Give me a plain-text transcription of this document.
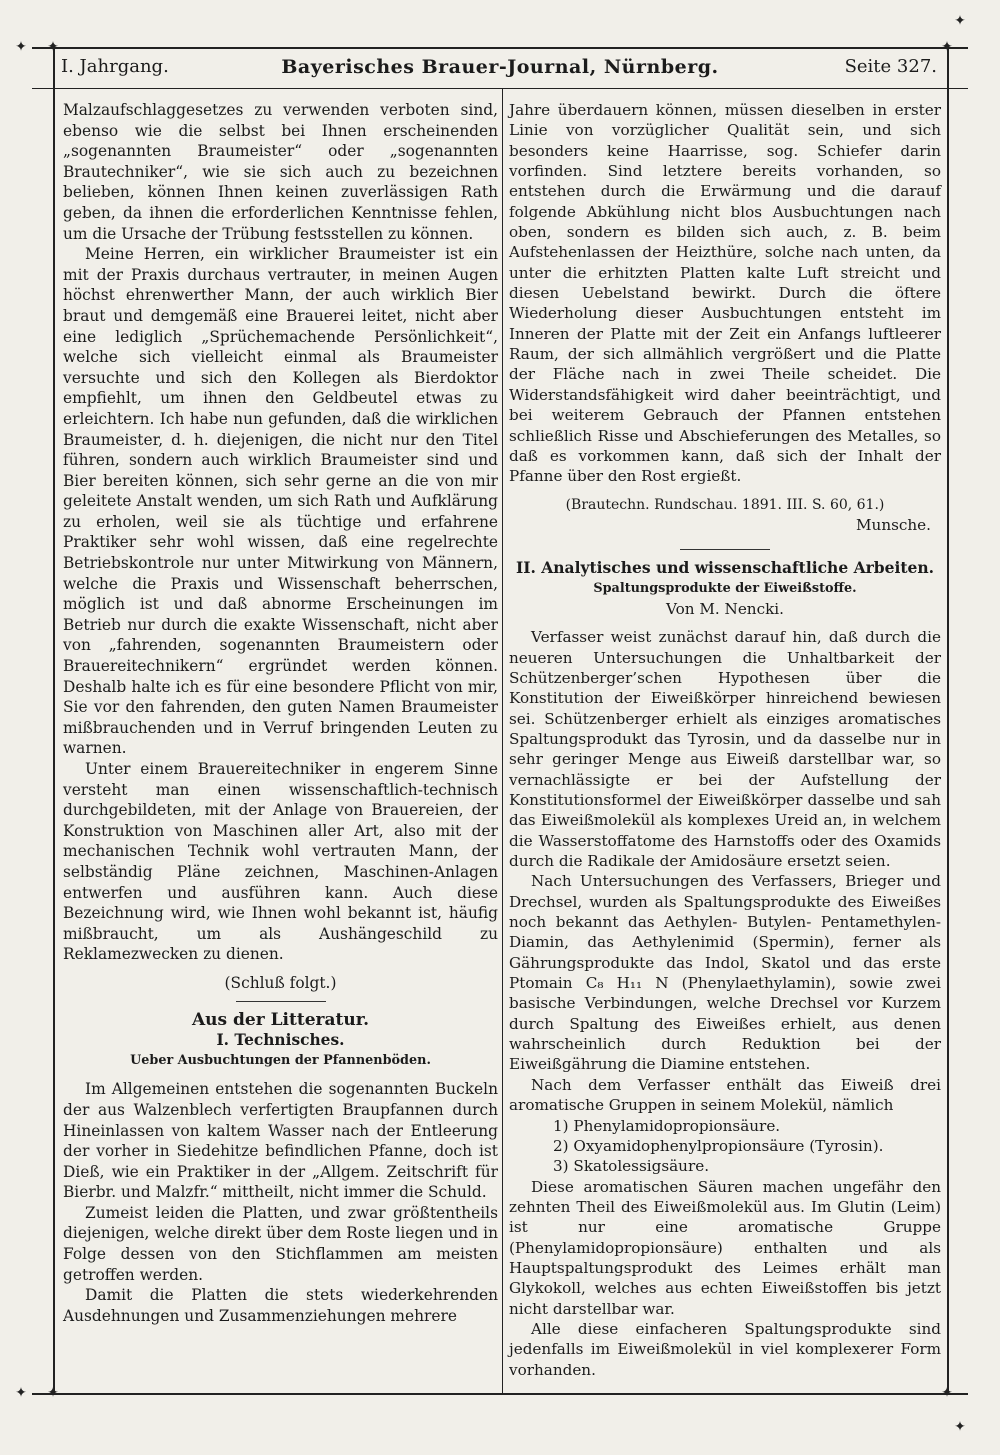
✦	✦
✦	✦
✦
✦
✦
✦
I. Jahrgang.	Bayerisches Brauer-Journal, Nürnberg.	Seite 327.

Malzaufschlaggesetzes zu verwenden verboten sind, ebenso wie die selbst bei Ihnen erscheinenden „sogenannten Braumeister“ oder „sogenannten Brautechniker“, wie sie sich auch zu bezeichnen belieben, können Ihnen keinen zuverlässigen Rath geben, da ihnen die erforderlichen Kenntnisse fehlen, um die Ursache der Trübung festsstellen zu können.

Meine Herren, ein wirklicher Braumeister ist ein mit der Praxis durchaus vertrauter, in meinen Augen höchst ehrenwerther Mann, der auch wirklich Bier braut und demgemäß eine Brauerei leitet, nicht aber eine lediglich „Sprüchemachende Persönlichkeit“, welche sich vielleicht einmal als Braumeister versuchte und sich den Kollegen als Bierdoktor empfiehlt, um ihnen den Geldbeutel etwas zu erleichtern. Ich habe nun gefunden, daß die wirklichen Braumeister, d. h. diejenigen, die nicht nur den Titel führen, sondern auch wirklich Braumeister sind und Bier bereiten können, sich sehr gerne an die von mir geleitete Anstalt wenden, um sich Rath und Aufklärung zu erholen, weil sie als tüchtige und erfahrene Praktiker sehr wohl wissen, daß eine regelrechte Betriebskontrole nur unter Mitwirkung von Männern, welche die Praxis und Wissenschaft beherrschen, möglich ist und daß abnorme Erscheinungen im Betrieb nur durch die exakte Wissenschaft, nicht aber von „fahrenden, sogenannten Braumeistern oder Brauereitechnikern“ ergründet werden können. Deshalb halte ich es für eine besondere Pflicht von mir, Sie vor den fahrenden, den guten Namen Braumeister mißbrauchenden und in Verruf bringenden Leuten zu warnen.

Unter einem Brauereitechniker in engerem Sinne versteht man einen wissenschaftlich-technisch durchgebildeten, mit der Anlage von Brauereien, der Konstruktion von Maschinen aller Art, also mit der mechanischen Technik wohl vertrauten Mann, der selbständig Pläne zeichnen, Maschinen-Anlagen entwerfen und ausführen kann. Auch diese Bezeichnung wird, wie Ihnen wohl bekannt ist, häufig mißbraucht, um als Aushängeschild zu Reklamezwecken zu dienen.

(Schluß folgt.)

Aus der Litteratur.

I. Technisches.

Ueber Ausbuchtungen der Pfannenböden.

Im Allgemeinen entstehen die sogenannten Buckeln der aus Walzenblech verfertigten Braupfannen durch Hineinlassen von kaltem Wasser nach der Entleerung der vorher in Siedehitze befindlichen Pfanne, doch ist Dieß, wie ein Praktiker in der „Allgem. Zeitschrift für Bierbr. und Malzfr.“ mittheilt, nicht immer die Schuld.

Zumeist leiden die Platten, und zwar größtentheils diejenigen, welche direkt über dem Roste liegen und in Folge dessen von den Stichflammen am meisten getroffen werden.

Damit die Platten die stets wiederkehrenden Ausdehnungen und Zusammenziehungen mehrere

Jahre überdauern können, müssen dieselben in erster Linie von vorzüglicher Qualität sein, und sich besonders keine Haarrisse, sog. Schiefer darin vorfinden. Sind letztere bereits vorhanden, so entstehen durch die Erwärmung und die darauf folgende Abkühlung nicht blos Ausbuchtungen nach oben, sondern es bilden sich auch, z. B. beim Aufstehenlassen der Heizthüre, solche nach unten, da unter die erhitzten Platten kalte Luft streicht und diesen Uebelstand bewirkt. Durch die öftere Wiederholung dieser Ausbuchtungen entsteht im Inneren der Platte mit der Zeit ein Anfangs luftleerer Raum, der sich allmählich vergrößert und die Platte der Fläche nach in zwei Theile scheidet. Die Widerstandsfähigkeit wird daher beeinträchtigt, und bei weiterem Gebrauch der Pfannen entstehen schließlich Risse und Abschieferungen des Metalles, so daß es vorkommen kann, daß sich der Inhalt der Pfanne über den Rost ergießt.

(Brautechn. Rundschau. 1891. III. S. 60, 61.)

Munsche.

II. Analytisches und wissenschaftliche Arbeiten.

Spaltungsprodukte der Eiweißstoffe.

Von M. Nencki.

Verfasser weist zunächst darauf hin, daß durch die neueren Untersuchungen die Unhaltbarkeit der Schützenberger’schen Hypothesen über die Konstitution der Eiweißkörper hinreichend bewiesen sei. Schützenberger erhielt als einziges aromatisches Spaltungsprodukt das Tyrosin, und da dasselbe nur in sehr geringer Menge aus Eiweiß darstellbar war, so vernachlässigte er bei der Aufstellung der Konstitutionsformel der Eiweißkörper dasselbe und sah das Eiweißmolekül als komplexes Ureid an, in welchem die Wasserstoffatome des Harnstoffs oder des Oxamids durch die Radikale der Amidosäure ersetzt seien.

Nach Untersuchungen des Verfassers, Brieger und Drechsel, wurden als Spaltungsprodukte des Eiweißes noch bekannt das Aethylen- Butylen- Pentamethylen-Diamin, das Aethylenimid (Spermin), ferner als Gährungsprodukte das Indol, Skatol und das erste Ptomain C₈ H₁₁ N (Phenylaethylamin), sowie zwei basische Verbindungen, welche Drechsel vor Kurzem durch Spaltung des Eiweißes erhielt, aus denen wahrscheinlich durch Reduktion bei der Eiweißgährung die Diamine entstehen.

Nach dem Verfasser enthält das Eiweiß drei aromatische Gruppen in seinem Molekül, nämlich

1) Phenylamidopropionsäure.

2) Oxyamidophenylpropionsäure (Tyrosin).

3) Skatolessigsäure.

Diese aromatischen Säuren machen ungefähr den zehnten Theil des Eiweißmolekül aus. Im Glutin (Leim) ist nur eine aromatische Gruppe (Phenylamidopropionsäure) enthalten und als Hauptspaltungsprodukt des Leimes erhält man Glykokoll, welches aus echten Eiweißstoffen bis jetzt nicht darstellbar war.

Alle diese einfacheren Spaltungsprodukte sind jedenfalls im Eiweißmolekül in viel komplexerer Form vorhanden.
